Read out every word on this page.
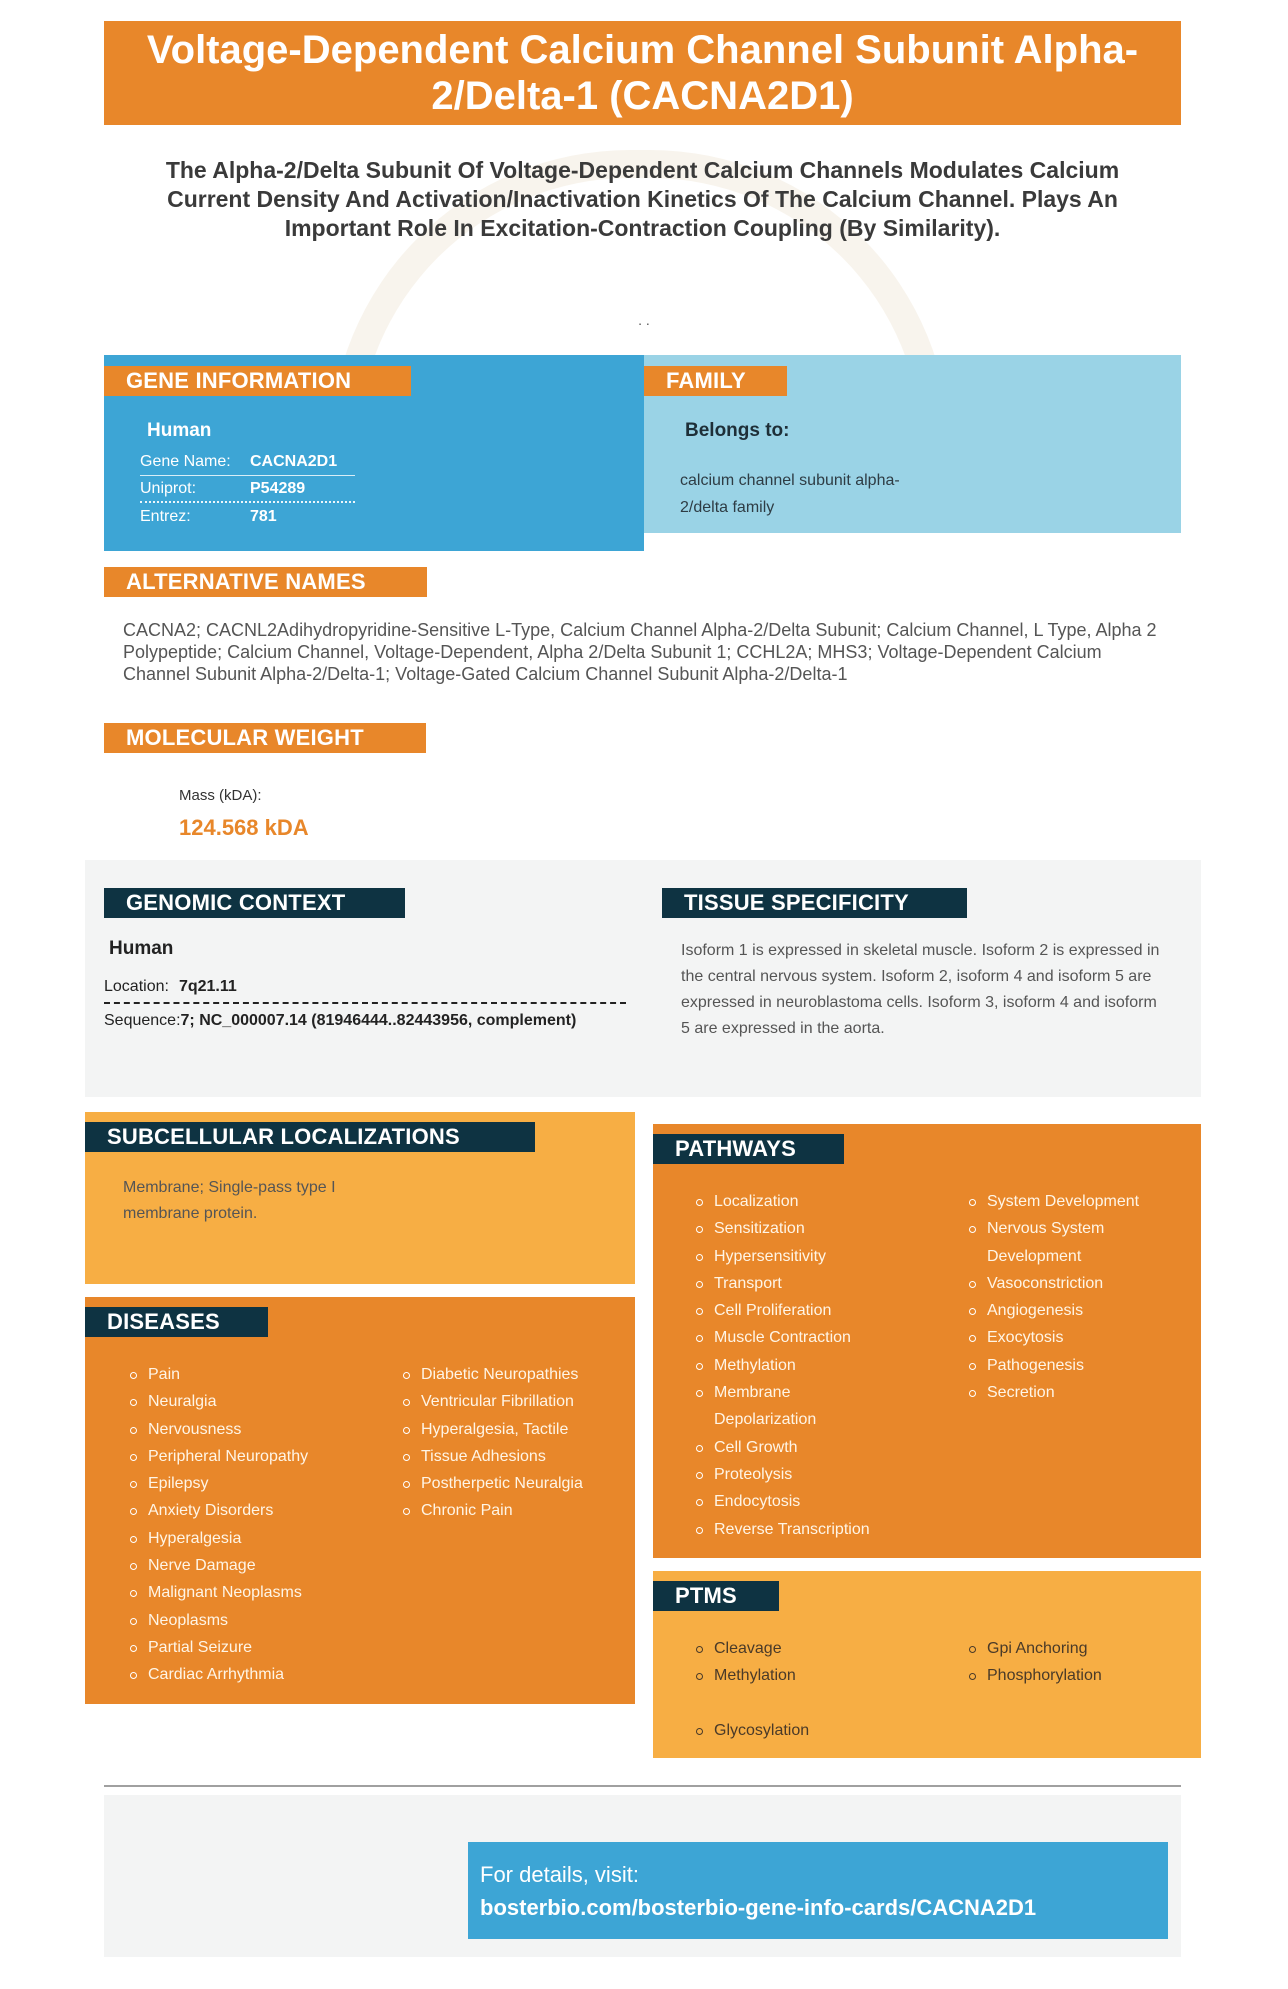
Voltage-Dependent Calcium Channel Subunit Alpha-2/Delta-1 (CACNA2D1)
The Alpha-2/Delta Subunit Of Voltage-Dependent Calcium Channels Modulates Calcium Current Density And Activation/Inactivation Kinetics Of The Calcium Channel. Plays An Important Role In Excitation-Contraction Coupling (By Similarity).
. .
GENE INFORMATION
Human
Gene Name:	CACNA2D1
Uniprot:	P54289
Entrez:	781
FAMILY
Belongs to:
calcium channel subunit alpha-2/delta family
ALTERNATIVE NAMES
CACNA2; CACNL2Adihydropyridine-Sensitive L-Type, Calcium Channel Alpha-2/Delta Subunit; Calcium Channel, L Type, Alpha 2 Polypeptide; Calcium Channel, Voltage-Dependent, Alpha 2/Delta Subunit 1; CCHL2A; MHS3; Voltage-Dependent Calcium Channel Subunit Alpha-2/Delta-1; Voltage-Gated Calcium Channel Subunit Alpha-2/Delta-1
MOLECULAR WEIGHT
Mass (kDA):
124.568 kDA
GENOMIC CONTEXT
Human
Location: 7q21.11
Sequence: 7; NC_000007.14 (81946444..82443956, complement)
TISSUE SPECIFICITY
Isoform 1 is expressed in skeletal muscle. Isoform 2 is expressed in the central nervous system. Isoform 2, isoform 4 and isoform 5 are expressed in neuroblastoma cells. Isoform 3, isoform 4 and isoform 5 are expressed in the aorta.
SUBCELLULAR LOCALIZATIONS
Membrane; Single-pass type I membrane protein.
DISEASES
Pain
Neuralgia
Nervousness
Peripheral Neuropathy
Epilepsy
Anxiety Disorders
Hyperalgesia
Nerve Damage
Malignant Neoplasms
Neoplasms
Partial Seizure
Cardiac Arrhythmia
Diabetic Neuropathies
Ventricular Fibrillation
Hyperalgesia, Tactile
Tissue Adhesions
Postherpetic Neuralgia
Chronic Pain
PATHWAYS
Localization
Sensitization
Hypersensitivity
Transport
Cell Proliferation
Muscle Contraction
Methylation
Membrane Depolarization
Cell Growth
Proteolysis
Endocytosis
Reverse Transcription
System Development
Nervous System Development
Vasoconstriction
Angiogenesis
Exocytosis
Pathogenesis
Secretion
PTMS
Cleavage
Methylation
Gpi Anchoring
Phosphorylation
Glycosylation
For details, visit:
bosterbio.com/bosterbio-gene-info-cards/CACNA2D1
